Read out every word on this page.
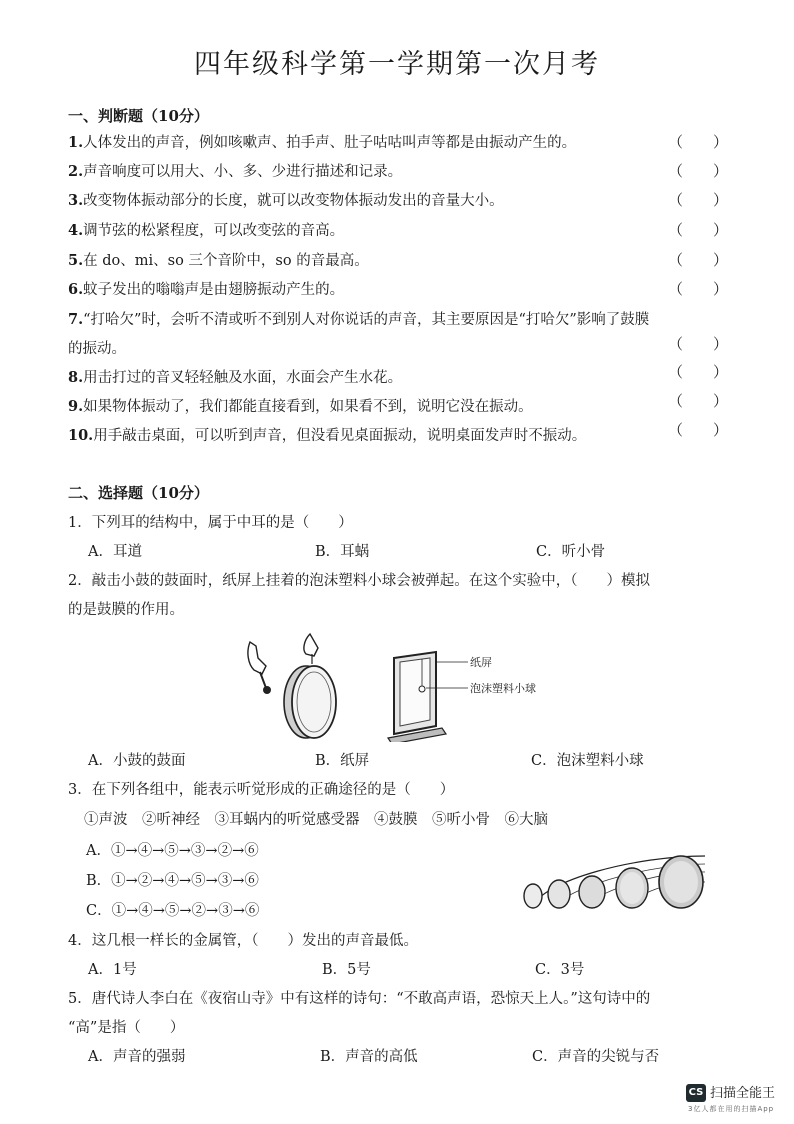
四年级科学第一学期第一次月考
一、判断题（10分）
1.人体发出的声音，例如咳嗽声、拍手声、肚子咕咕叫声等都是由振动产生的。	（　　）
2.声音响度可以用大、小、多、少进行描述和记录。	（　　）
3.改变物体振动部分的长度，就可以改变物体振动发出的音量大小。	（　　）
4.调节弦的松紧程度，可以改变弦的音高。	（　　）
5.在 do、mi、so 三个音阶中，so 的音最高。	（　　）
6.蚊子发出的嗡嗡声是由翅膀振动产生的。	（　　）
7.“打哈欠”时，会听不清或听不到别人对你说话的声音，其主要原因是“打哈欠”影响了鼓膜
的振动。	（　　）
8.用击打过的音叉轻轻触及水面，水面会产生水花。	（　　）
9.如果物体振动了，我们都能直接看到，如果看不到，说明它没在振动。	（　　）
10.用手敲击桌面，可以听到声音，但没看见桌面振动，说明桌面发声时不振动。	（　　）
二、选择题（10分）
1．下列耳的结构中，属于中耳的是（　　）
A．耳道	B．耳蜗	C．听小骨
2．敲击小鼓的鼓面时，纸屏上挂着的泡沫塑料小球会被弹起。在这个实验中，（　　）模拟
的是鼓膜的作用。
纸屏
泡沫塑料小球
A．小鼓的鼓面	B．纸屏	C．泡沫塑料小球
3．在下列各组中，能表示听觉形成的正确途径的是（　　）
①声波　②听神经　③耳蜗内的听觉感受器　④鼓膜　⑤听小骨　⑥大脑
A．①→④→⑤→③→②→⑥
B．①→②→④→⑤→③→⑥
C．①→④→⑤→②→③→⑥
4．这几根一样长的金属管，（　　）发出的声音最低。
A．1号	B．5号	C．3号
5．唐代诗人李白在《夜宿山寺》中有这样的诗句：“不敢高声语，恐惊天上人。”这句诗中的
“高”是指（　　）
A．声音的强弱	B．声音的高低	C．声音的尖锐与否
CS 扫描全能王
3亿人都在用的扫描App
